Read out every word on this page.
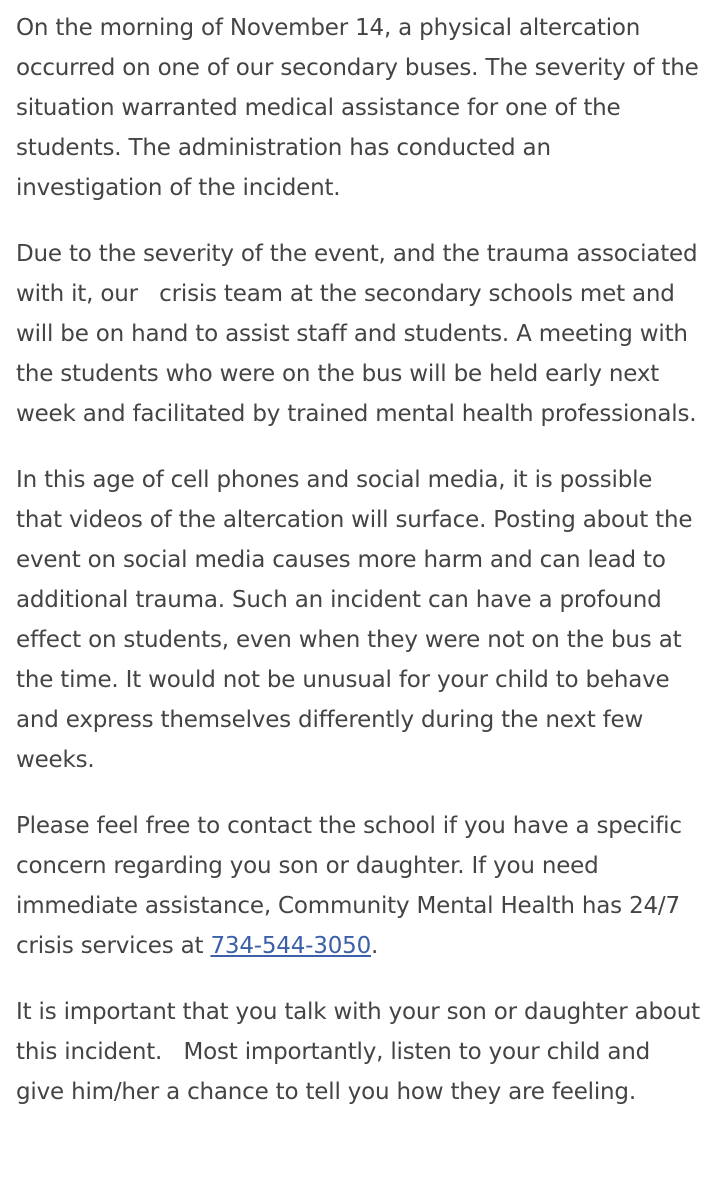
On the morning of November 14, a physical altercation occurred on one of our secondary buses. The severity of the situation warranted medical assistance for one of the students. The administration has conducted an investigation of the incident.

Due to the severity of the event, and the trauma associated with it, our   crisis team at the secondary schools met and will be on hand to assist staff and students. A meeting with the students who were on the bus will be held early next week and facilitated by trained mental health professionals.

In this age of cell phones and social media, it is possible that videos of the altercation will surface. Posting about the event on social media causes more harm and can lead to additional trauma. Such an incident can have a profound effect on students, even when they were not on the bus at the time. It would not be unusual for your child to behave and express themselves differently during the next few weeks.

Please feel free to contact the school if you have a specific concern regarding you son or daughter. If you need immediate assistance, Community Mental Health has 24/7 crisis services at 734-544-3050.

It is important that you talk with your son or daughter about this incident.   Most importantly, listen to your child and give him/her a chance to tell you how they are feeling.
